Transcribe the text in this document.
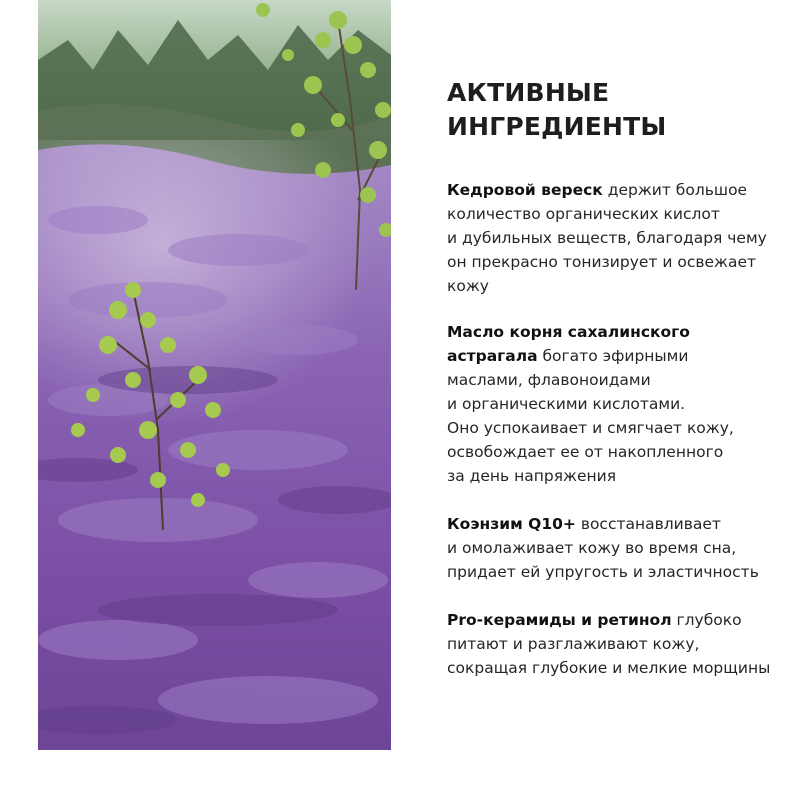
АКТИВНЫЕ
ИНГРЕДИЕНТЫ
Кедровой вереск держит большое
количество органических кислот
и дубильных веществ, благодаря чему
он прекрасно тонизирует и освежает
кожу
Масло корня сахалинского
астрагала богато эфирными
маслами, флавоноидами
и органическими кислотами.
Оно успокаивает и смягчает кожу,
освобождает ее от накопленного
за день напряжения
Коэнзим Q10+ восстанавливает
и омолаживает кожу во время сна,
придает ей упругость и эластичность
Pro-керамиды и ретинол глубоко
питают и разглаживают кожу,
сокращая глубокие и мелкие морщины
